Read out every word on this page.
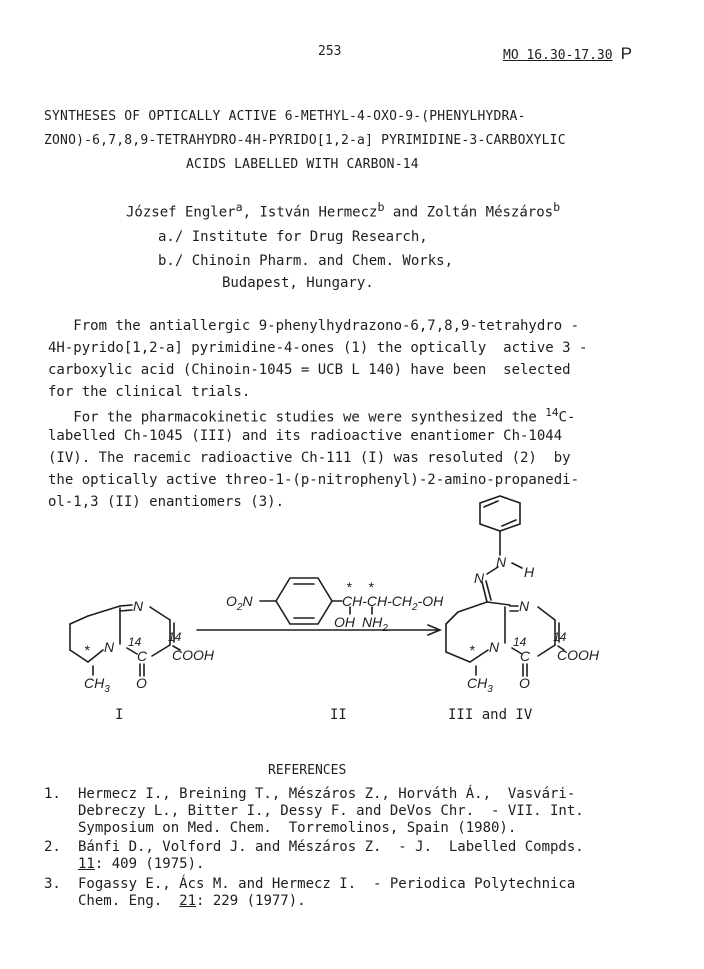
253	MO 16.30-17.30 P
SYNTHESES OF OPTICALLY ACTIVE 6-METHYL-4-OXO-9-(PHENYLHYDRA-
ZONO)-6,7,8,9-TETRAHYDRO-4H-PYRIDO[1,2-a] PYRIMIDINE-3-CARBOXYLIC
ACIDS LABELLED WITH CARBON-14
József Engler$^a$, István Hermecz$^b$ and Zoltán Mészáros$^b$
a./ Institute for Drug Research,
b./ Chinoin Pharm. and Chem. Works,
Budapest, Hungary.
From the antiallergic 9-phenylhydrazono-6,7,8,9-tetrahydro -
4H-pyrido[1,2-a] pyrimidine-4-ones (1) the optically  active 3 -
carboxylic acid (Chinoin-1045 = UCB L 140) have been  selected
for the clinical trials.
For the pharmacokinetic studies we were synthesized the $^{14}$C-
labelled Ch-1045 (III) and its radioactive enantiomer Ch-1044
(IV). The racemic radioactive Ch-111 (I) was resoluted (2)  by
the optically active threo-1-(p-nitrophenyl)-2-amino-propanedi-
ol-1,3 (II) enantiomers (3).
N
N
*	14
C
14
COOH
$CH_3$ O
$O_2N$
* *
$CH-CH-CH_2-OH$
OH $NH_2$
N
N	H
N
N
*	14
C
14
COOH
$CH_3$ O
I	II	III and IV
REFERENCES
1. Hermecz I., Breining T., Mészáros Z., Horváth Á.,  Vasvári-
Debreczy L., Bitter I., Dessy F. and DeVos Chr.  - VII. Int.
Symposium on Med. Chem.  Torremolinos, Spain (1980).
2. Bánfi D., Volford J. and Mészáros Z.  - J.  Labelled Compds.
11: 409 (1975).
3. Fogassy E., Ács M. and Hermecz I.  - Periodica Polytechnica
Chem. Eng.  21: 229 (1977).
